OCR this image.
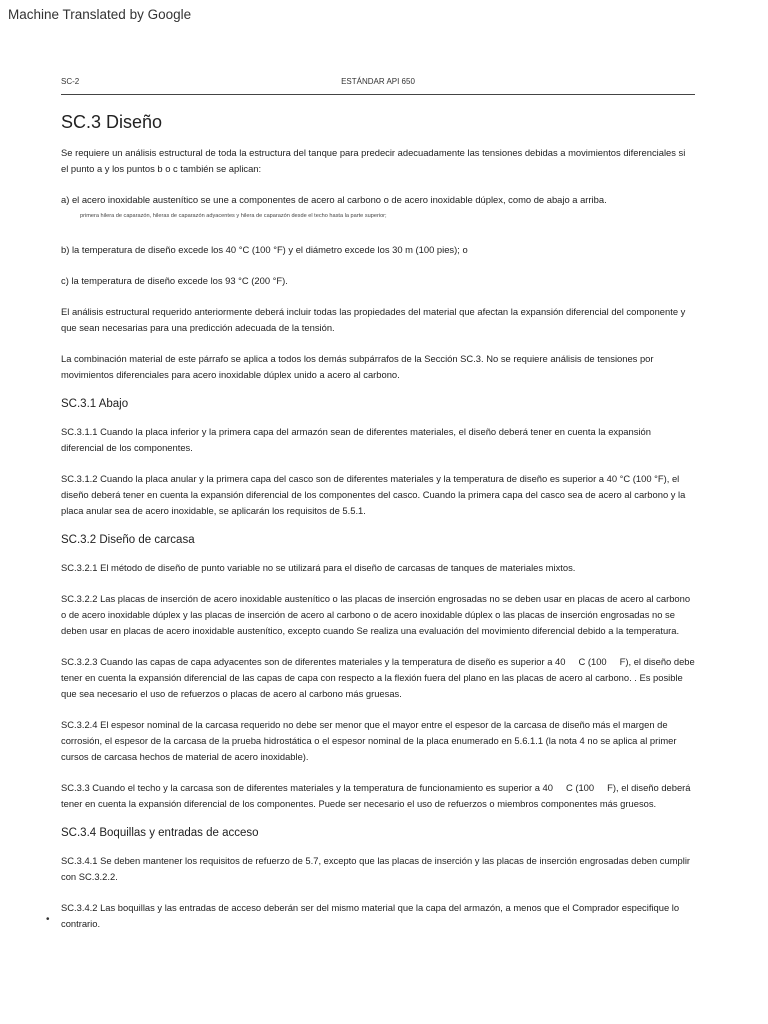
Machine Translated by Google
SC-2	ESTÁNDAR API 650
SC.3 Diseño

Se requiere un análisis estructural de toda la estructura del tanque para predecir adecuadamente las tensiones debidas a movimientos diferenciales si el punto a y los puntos b o c también se aplican:

a) el acero inoxidable austenítico se une a componentes de acero al carbono o de acero inoxidable dúplex, como de abajo a arriba.

primera hilera de caparazón, hileras de caparazón adyacentes y hilera de caparazón desde el techo hasta la parte superior;

b) la temperatura de diseño excede los 40 °C (100 °F) y el diámetro excede los 30 m (100 pies); o

c) la temperatura de diseño excede los 93 °C (200 °F).

El análisis estructural requerido anteriormente deberá incluir todas las propiedades del material que afectan la expansión diferencial del componente y que sean necesarias para una predicción adecuada de la tensión.

La combinación material de este párrafo se aplica a todos los demás subpárrafos de la Sección SC.3. No se requiere análisis de tensiones por movimientos diferenciales para acero inoxidable dúplex unido a acero al carbono.

SC.3.1 Abajo

SC.3.1.1 Cuando la placa inferior y la primera capa del armazón sean de diferentes materiales, el diseño deberá tener en cuenta la expansión diferencial de los componentes.

SC.3.1.2 Cuando la placa anular y la primera capa del casco son de diferentes materiales y la temperatura de diseño es superior a 40 °C (100 °F), el diseño deberá tener en cuenta la expansión diferencial de los componentes del casco. Cuando la primera capa del casco sea de acero al carbono y la placa anular sea de acero inoxidable, se aplicarán los requisitos de 5.5.1.

SC.3.2 Diseño de carcasa

SC.3.2.1 El método de diseño de punto variable no se utilizará para el diseño de carcasas de tanques de materiales mixtos.

SC.3.2.2 Las placas de inserción de acero inoxidable austenítico o las placas de inserción engrosadas no se deben usar en placas de acero al carbono o de acero inoxidable dúplex y las placas de inserción de acero al carbono o de acero inoxidable dúplex o las placas de inserción engrosadas no se deben usar en placas de acero inoxidable austenítico, excepto cuando Se realiza una evaluación del movimiento diferencial debido a la temperatura.

SC.3.2.3 Cuando las capas de capa adyacentes son de diferentes materiales y la temperatura de diseño es superior a 40     C (100     F), el diseño debe tener en cuenta la expansión diferencial de las capas de capa con respecto a la flexión fuera del plano en las placas de acero al carbono. . Es posible que sea necesario el uso de refuerzos o placas de acero al carbono más gruesas.

SC.3.2.4 El espesor nominal de la carcasa requerido no debe ser menor que el mayor entre el espesor de la carcasa de diseño más el margen de corrosión, el espesor de la carcasa de la prueba hidrostática o el espesor nominal de la placa enumerado en 5.6.1.1 (la nota 4 no se aplica al primer cursos de carcasa hechos de material de acero inoxidable).

SC.3.3 Cuando el techo y la carcasa son de diferentes materiales y la temperatura de funcionamiento es superior a 40     C (100     F), el diseño deberá tener en cuenta la expansión diferencial de los componentes. Puede ser necesario el uso de refuerzos o miembros componentes más gruesos.

SC.3.4 Boquillas y entradas de acceso

SC.3.4.1 Se deben mantener los requisitos de refuerzo de 5.7, excepto que las placas de inserción y las placas de inserción engrosadas deben cumplir con SC.3.2.2.

SC.3.4.2 Las boquillas y las entradas de acceso deberán ser del mismo material que la capa del armazón, a menos que el Comprador especifique lo contrario.

•
